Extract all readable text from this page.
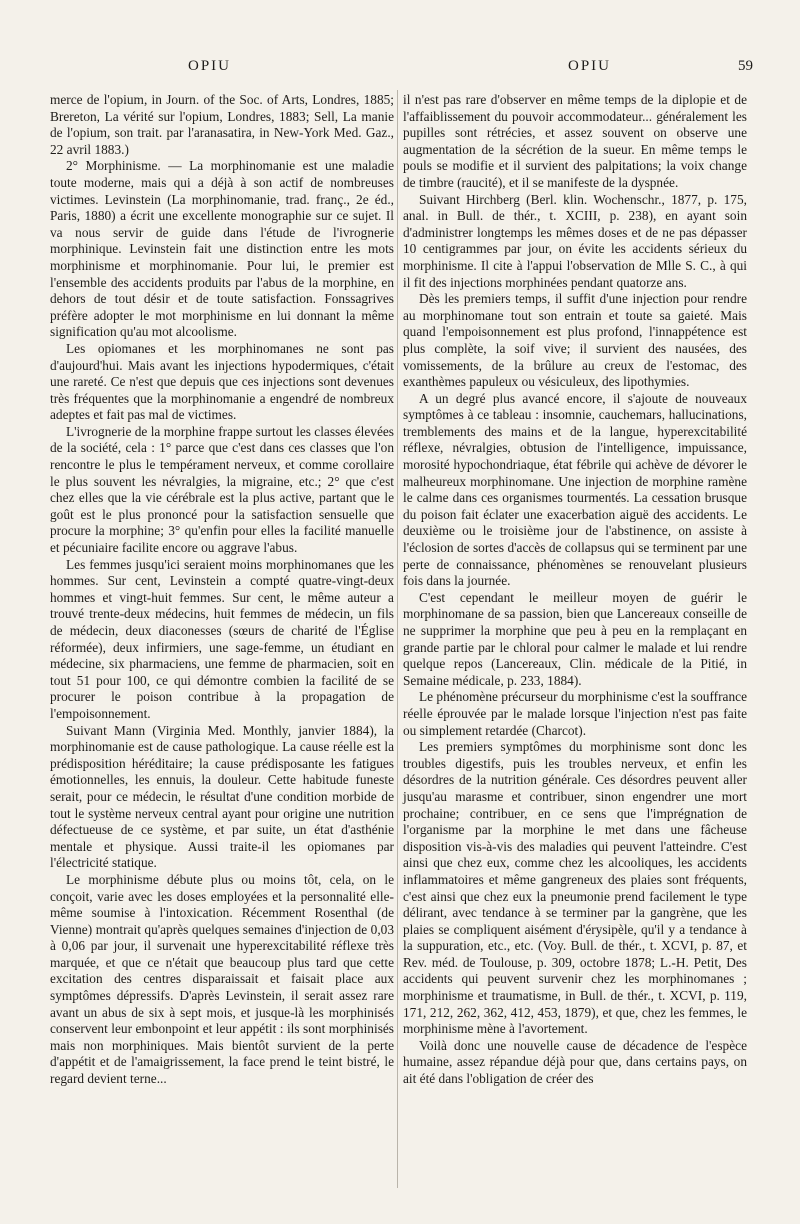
OPIU	OPIU	59

merce de l'opium, in Journ. of the Soc. of Arts, Londres, 1885; Brereton, La vérité sur l'opium, Londres, 1883; Sell, La manie de l'opium, son trait. par l'aranasatira, in New-York Med. Gaz., 22 avril 1883.)

2° Morphinisme. — La morphinomanie est une maladie toute moderne, mais qui a déjà à son actif de nombreuses victimes. Levinstein (La morphinomanie, trad. franç., 2e éd., Paris, 1880) a écrit une excellente monographie sur ce sujet. Il va nous servir de guide dans l'étude de l'ivrognerie morphinique. Levinstein fait une distinction entre les mots morphinisme et morphinomanie. Pour lui, le premier est l'ensemble des accidents produits par l'abus de la morphine, en dehors de tout désir et de toute satisfaction. Fonssagrives préfère adopter le mot morphinisme en lui donnant la même signification qu'au mot alcoolisme.

Les opiomanes et les morphinomanes ne sont pas d'aujourd'hui. Mais avant les injections hypodermiques, c'était une rareté. Ce n'est que depuis que ces injections sont devenues très fréquentes que la morphinomanie a engendré de nombreux adeptes et fait pas mal de victimes.

L'ivrognerie de la morphine frappe surtout les classes élevées de la société, cela : 1° parce que c'est dans ces classes que l'on rencontre le plus le tempérament nerveux, et comme corollaire le plus souvent les névralgies, la migraine, etc.; 2° que c'est chez elles que la vie cérébrale est la plus active, partant que le goût est le plus prononcé pour la satisfaction sensuelle que procure la morphine; 3° qu'enfin pour elles la facilité manuelle et pécuniaire facilite encore ou aggrave l'abus.

Les femmes jusqu'ici seraient moins morphinomanes que les hommes. Sur cent, Levinstein a compté quatre-vingt-deux hommes et vingt-huit femmes. Sur cent, le même auteur a trouvé trente-deux médecins, huit femmes de médecin, un fils de médecin, deux diaconesses (sœurs de charité de l'Église réformée), deux infirmiers, une sage-femme, un étudiant en médecine, six pharmaciens, une femme de pharmacien, soit en tout 51 pour 100, ce qui démontre combien la facilité de se procurer le poison contribue à la propagation de l'empoisonnement.

Suivant Mann (Virginia Med. Monthly, janvier 1884), la morphinomanie est de cause pathologique. La cause réelle est la prédisposition héréditaire; la cause prédisposante les fatigues émotionnelles, les ennuis, la douleur. Cette habitude funeste serait, pour ce médecin, le résultat d'une condition morbide de tout le système nerveux central ayant pour origine une nutrition défectueuse de ce système, et par suite, un état d'asthénie mentale et physique. Aussi traite-il les opiomanes par l'électricité statique.

Le morphinisme débute plus ou moins tôt, cela, on le conçoit, varie avec les doses employées et la personnalité elle-même soumise à l'intoxication. Récemment Rosenthal (de Vienne) montrait qu'après quelques semaines d'injection de 0,03 à 0,06 par jour, il survenait une hyperexcitabilité réflexe très marquée, et que ce n'était que beaucoup plus tard que cette excitation des centres disparaissait et faisait place aux symptômes dépressifs. D'après Levinstein, il serait assez rare avant un abus de six à sept mois, et jusque-là les morphinisés conservent leur embonpoint et leur appétit : ils sont morphinisés mais non morphiniques. Mais bientôt survient de la perte d'appétit et de l'amaigrissement, la face prend le teint bistré, le regard devient terne...

il n'est pas rare d'observer en même temps de la diplopie et de l'affaiblissement du pouvoir accommodateur... généralement les pupilles sont rétrécies, et assez souvent on observe une augmentation de la sécrétion de la sueur. En même temps le pouls se modifie et il survient des palpitations; la voix change de timbre (raucité), et il se manifeste de la dyspnée.

Suivant Hirchberg (Berl. klin. Wochenschr., 1877, p. 175, anal. in Bull. de thér., t. XCIII, p. 238), en ayant soin d'administrer longtemps les mêmes doses et de ne pas dépasser 10 centigrammes par jour, on évite les accidents sérieux du morphinisme. Il cite à l'appui l'observation de Mlle S. C., à qui il fit des injections morphinées pendant quatorze ans.

Dès les premiers temps, il suffit d'une injection pour rendre au morphinomane tout son entrain et toute sa gaieté. Mais quand l'empoisonnement est plus profond, l'innappétence est plus complète, la soif vive; il survient des nausées, des vomissements, de la brûlure au creux de l'estomac, des exanthèmes papuleux ou vésiculeux, des lipothymies.

A un degré plus avancé encore, il s'ajoute de nouveaux symptômes à ce tableau : insomnie, cauchemars, hallucinations, tremblements des mains et de la langue, hyperexcitabilité réflexe, névralgies, obtusion de l'intelligence, impuissance, morosité hypochondriaque, état fébrile qui achève de dévorer le malheureux morphinomane. Une injection de morphine ramène le calme dans ces organismes tourmentés. La cessation brusque du poison fait éclater une exacerbation aiguë des accidents. Le deuxième ou le troisième jour de l'abstinence, on assiste à l'éclosion de sortes d'accès de collapsus qui se terminent par une perte de connaissance, phénomènes se renouvelant plusieurs fois dans la journée.

C'est cependant le meilleur moyen de guérir le morphinomane de sa passion, bien que Lancereaux conseille de ne supprimer la morphine que peu à peu en la remplaçant en grande partie par le chloral pour calmer le malade et lui rendre quelque repos (Lancereaux, Clin. médicale de la Pitié, in Semaine médicale, p. 233, 1884).

Le phénomène précurseur du morphinisme c'est la souffrance réelle éprouvée par le malade lorsque l'injection n'est pas faite ou simplement retardée (Charcot).

Les premiers symptômes du morphinisme sont donc les troubles digestifs, puis les troubles nerveux, et enfin les désordres de la nutrition générale. Ces désordres peuvent aller jusqu'au marasme et contribuer, sinon engendrer une mort prochaine; contribuer, en ce sens que l'imprégnation de l'organisme par la morphine le met dans une fâcheuse disposition vis-à-vis des maladies qui peuvent l'atteindre. C'est ainsi que chez eux, comme chez les alcooliques, les accidents inflammatoires et même gangreneux des plaies sont fréquents, c'est ainsi que chez eux la pneumonie prend facilement le type délirant, avec tendance à se terminer par la gangrène, que les plaies se compliquent aisément d'érysipèle, qu'il y a tendance à la suppuration, etc., etc. (Voy. Bull. de thér., t. XCVI, p. 87, et Rev. méd. de Toulouse, p. 309, octobre 1878; L.-H. Petit, Des accidents qui peuvent survenir chez les morphinomanes ; morphinisme et traumatisme, in Bull. de thér., t. XCVI, p. 119, 171, 212, 262, 362, 412, 453, 1879), et que, chez les femmes, le morphinisme mène à l'avortement.

Voilà donc une nouvelle cause de décadence de l'espèce humaine, assez répandue déjà pour que, dans certains pays, on ait été dans l'obligation de créer des
